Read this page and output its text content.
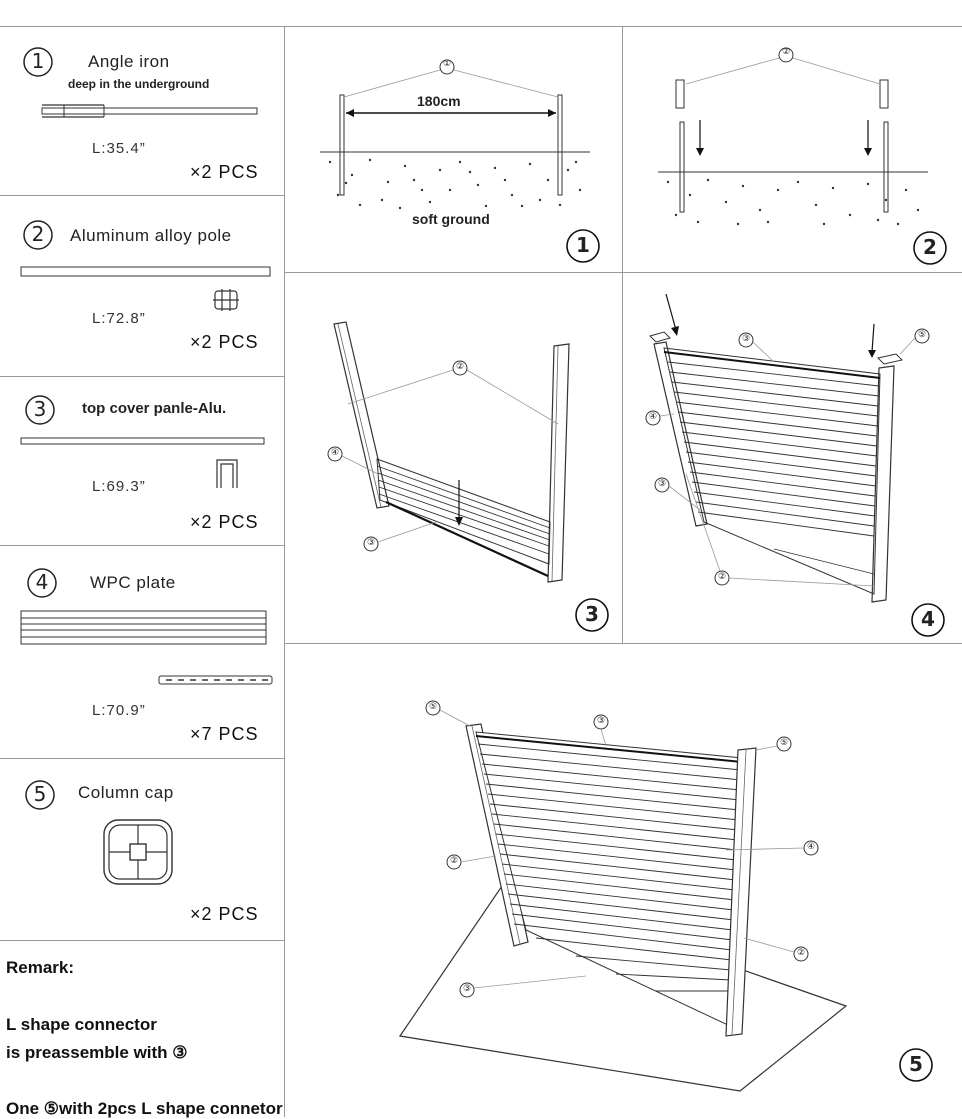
1	Angle iron
deep in the underground
L:35.4”
×2 PCS
2	Aluminum alloy pole
L:72.8”
×2 PCS
3	top cover panle-Alu.
L:69.3”
×2 PCS
4	WPC plate
L:70.9”
×7 PCS
5	Column cap
×2 PCS
Remark:
L shape connector
is preassemble with ③
One ⑤with 2pcs L shape connetor
①
180cm
soft ground
1
②
2
②
④
③
3
③	⑤
④
③
②
4
⑤
③
⑤
④
②
②
③
5
